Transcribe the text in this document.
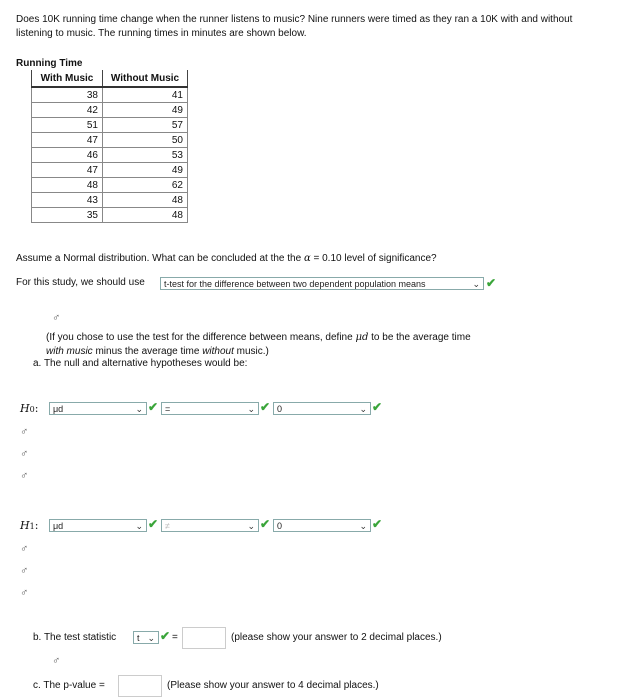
Does 10K running time change when the runner listens to music? Nine runners were timed as they ran a 10K with and without listening to music. The running times in minutes are shown below.
Running Time
With Music	Without Music
38	41
42	49
51	57
47	50
46	53
47	49
48	62
43	48
35	48
Assume a Normal distribution. What can be concluded at the the α = 0.10 level of significance?
For this study, we should use	t-test for the difference between two dependent population means	⌄ ✔
♂
(If you chose to use the test for the difference between means, define μd to be the average time
with music minus the average time without music.)
a. The null and alternative hypotheses would be:
H0:	μd	⌄ ✔ =	⌄ ✔ 0	⌄ ✔
♂
♂
♂
H1:	μd	⌄ ✔ ≠	⌄ ✔ 0	⌄ ✔
♂
♂
♂
b. The test statistic	t ⌄ ✔ =	(please show your answer to 2 decimal places.)
♂
c. The p-value =	(Please show your answer to 4 decimal places.)
